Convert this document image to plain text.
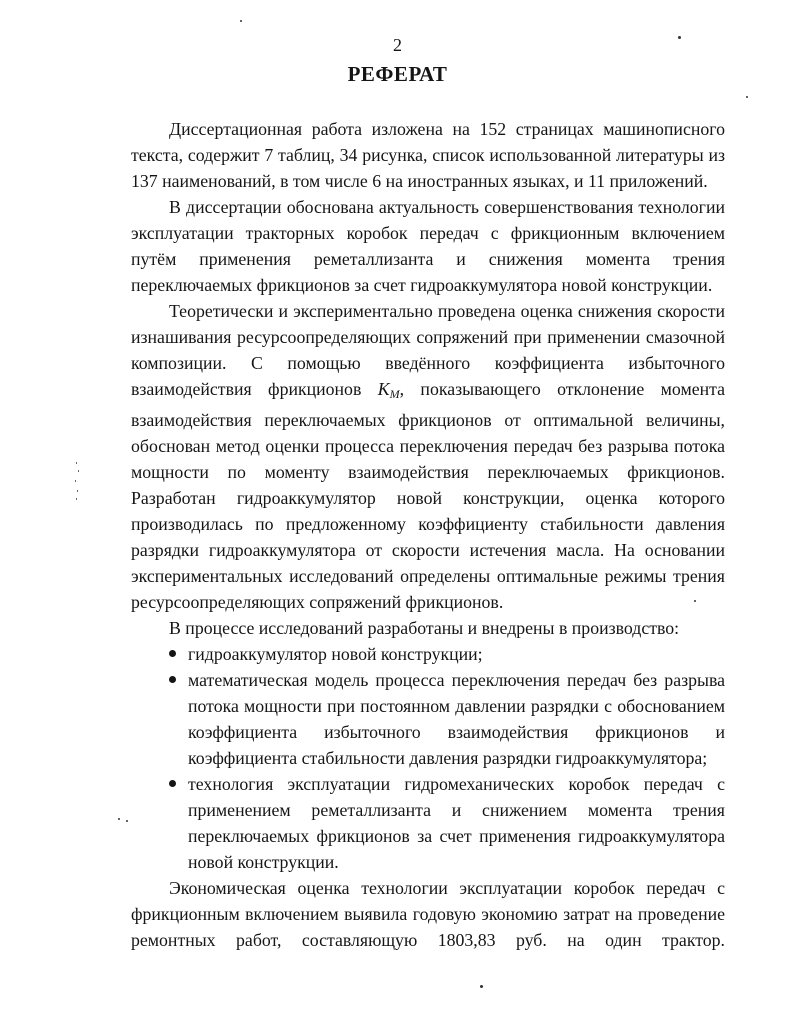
2
РЕФЕРАТ

Диссертационная работа изложена на 152 страницах машинописного текста, содержит 7 таблиц, 34 рисунка, список использованной литературы из 137 наименований, в том числе 6 на иностранных языках, и 11 приложений.

В диссертации обоснована актуальность совершенствования технологии эксплуатации тракторных коробок передач с фрикционным включением путём применения реметаллизанта и снижения момента трения переключаемых фрикционов за счет гидроаккумулятора новой конструкции.

Теоретически и экспериментально проведена оценка снижения скорости изнашивания ресурсоопределяющих сопряжений при применении смазочной композиции. С помощью введённого коэффициента избыточного взаимодействия фрикционов $K_M$, показывающего отклонение момента взаимодействия переключаемых фрикционов от оптимальной величины, обоснован метод оценки процесса переключения передач без разрыва потока мощности по моменту взаимодействия переключаемых фрикционов. Разработан гидроаккумулятор новой конструкции, оценка которого производилась по предложенному коэффициенту стабильности давления разрядки гидроаккумулятора от скорости истечения масла. На основании экспериментальных исследований определены оптимальные режимы трения ресурсоопределяющих сопряжений фрикционов.

В процессе исследований разработаны и внедрены в производство:

гидроаккумулятор новой конструкции;
математическая модель процесса переключения передач без разрыва потока мощности при постоянном давлении разрядки с обоснованием коэффициента избыточного взаимодействия фрикционов и коэффициента стабильности давления разрядки гидроаккумулятора;
технология эксплуатации гидромеханических коробок передач с применением реметаллизанта и снижением момента трения переключаемых фрикционов за счет применения гидроаккумулятора новой конструкции.

Экономическая оценка технологии эксплуатации коробок передач с фрикционным включением выявила годовую экономию затрат на проведение ремонтных работ, составляющую 1803,83 руб. на один трактор.
